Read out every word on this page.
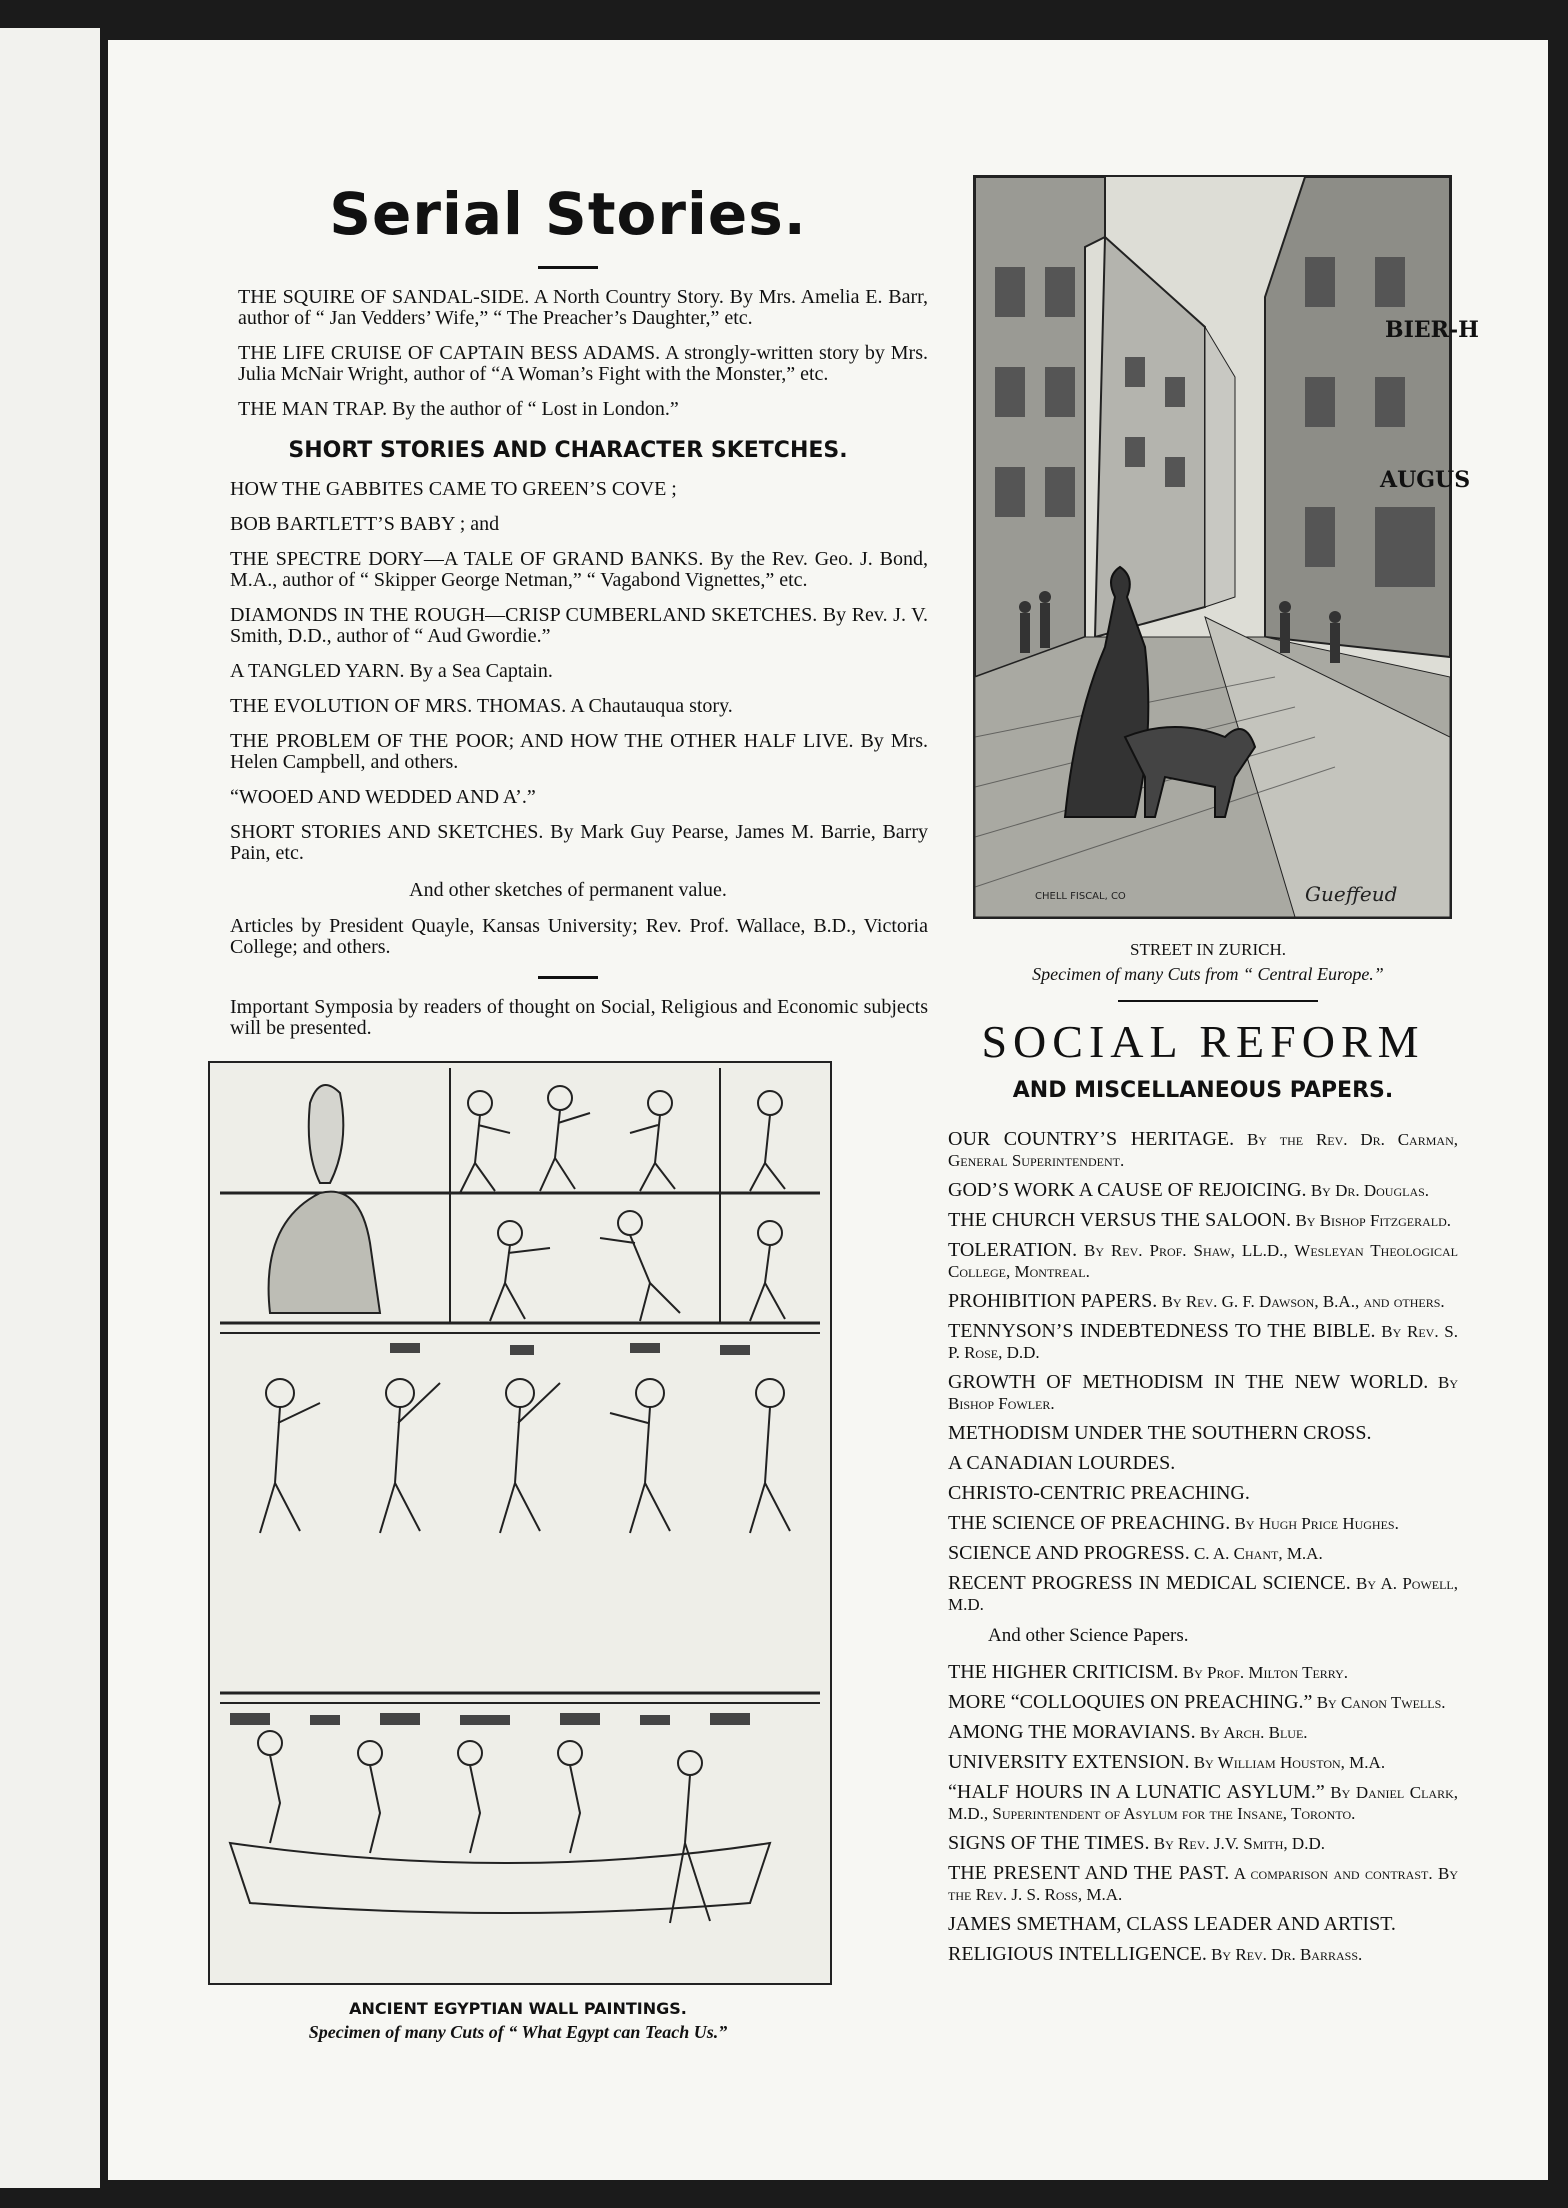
Serial Stories.
THE SQUIRE OF SANDAL-SIDE. A North Country Story. By Mrs. Amelia E. Barr, author of “ Jan Vedders’ Wife,” “ The Preacher’s Daughter,” etc.
THE LIFE CRUISE OF CAPTAIN BESS ADAMS. A strongly-written story by Mrs. Julia McNair Wright, author of “A Woman’s Fight with the Monster,” etc.
THE MAN TRAP. By the author of “ Lost in London.”
SHORT STORIES AND CHARACTER SKETCHES.
HOW THE GABBITES CAME TO GREEN’S COVE ;
BOB BARTLETT’S BABY ; and
THE SPECTRE DORY—A TALE OF GRAND BANKS. By the Rev. Geo. J. Bond, M.A., author of “ Skipper George Netman,” “ Vagabond Vignettes,” etc.
DIAMONDS IN THE ROUGH—CRISP CUMBERLAND SKETCHES. By Rev. J. V. Smith, D.D., author of “ Aud Gwordie.”
A TANGLED YARN. By a Sea Captain.
THE EVOLUTION OF MRS. THOMAS. A Chautauqua story.
THE PROBLEM OF THE POOR; AND HOW THE OTHER HALF LIVE. By Mrs. Helen Campbell, and others.
“WOOED AND WEDDED AND A’.”
SHORT STORIES AND SKETCHES. By Mark Guy Pearse, James M. Barrie, Barry Pain, etc.
And other sketches of permanent value.
Articles by President Quayle, Kansas University; Rev. Prof. Wallace, B.D., Victoria College; and others.
Important Symposia by readers of thought on Social, Religious and Economic subjects will be presented.
ANCIENT EGYPTIAN WALL PAINTINGS.
Specimen of many Cuts of “ What Egypt can Teach Us.”
BIER-H
AUGUS
CHELL FISCAL, CO	Gueffeud
STREET IN ZURICH.
Specimen of many Cuts from “ Central Europe.”
SOCIAL REFORM
AND MISCELLANEOUS PAPERS.
OUR COUNTRY’S HERITAGE. By the Rev. Dr. Carman, General Superintendent.
GOD’S WORK A CAUSE OF REJOICING. By Dr. Douglas.
THE CHURCH VERSUS THE SALOON. By Bishop Fitzgerald.
TOLERATION. By Rev. Prof. Shaw, LL.D., Wesleyan Theological College, Montreal.
PROHIBITION PAPERS. By Rev. G. F. Dawson, B.A., and others.
TENNYSON’S INDEBTEDNESS TO THE BIBLE. By Rev. S. P. Rose, D.D.
GROWTH OF METHODISM IN THE NEW WORLD. By Bishop Fowler.
METHODISM UNDER THE SOUTHERN CROSS.
A CANADIAN LOURDES.
CHRISTO-CENTRIC PREACHING.
THE SCIENCE OF PREACHING. By Hugh Price Hughes.
SCIENCE AND PROGRESS. C. A. Chant, M.A.
RECENT PROGRESS IN MEDICAL SCIENCE. By A. Powell, M.D.
And other Science Papers.
THE HIGHER CRITICISM. By Prof. Milton Terry.
MORE “COLLOQUIES ON PREACHING.” By Canon Twells.
AMONG THE MORAVIANS. By Arch. Blue.
UNIVERSITY EXTENSION. By William Houston, M.A.
“HALF HOURS IN A LUNATIC ASYLUM.” By Daniel Clark, M.D., Superintendent of Asylum for the Insane, Toronto.
SIGNS OF THE TIMES. By Rev. J.V. Smith, D.D.
THE PRESENT AND THE PAST. A comparison and contrast. By the Rev. J. S. Ross, M.A.
JAMES SMETHAM, CLASS LEADER AND ARTIST.
RELIGIOUS INTELLIGENCE. By Rev. Dr. Barrass.
